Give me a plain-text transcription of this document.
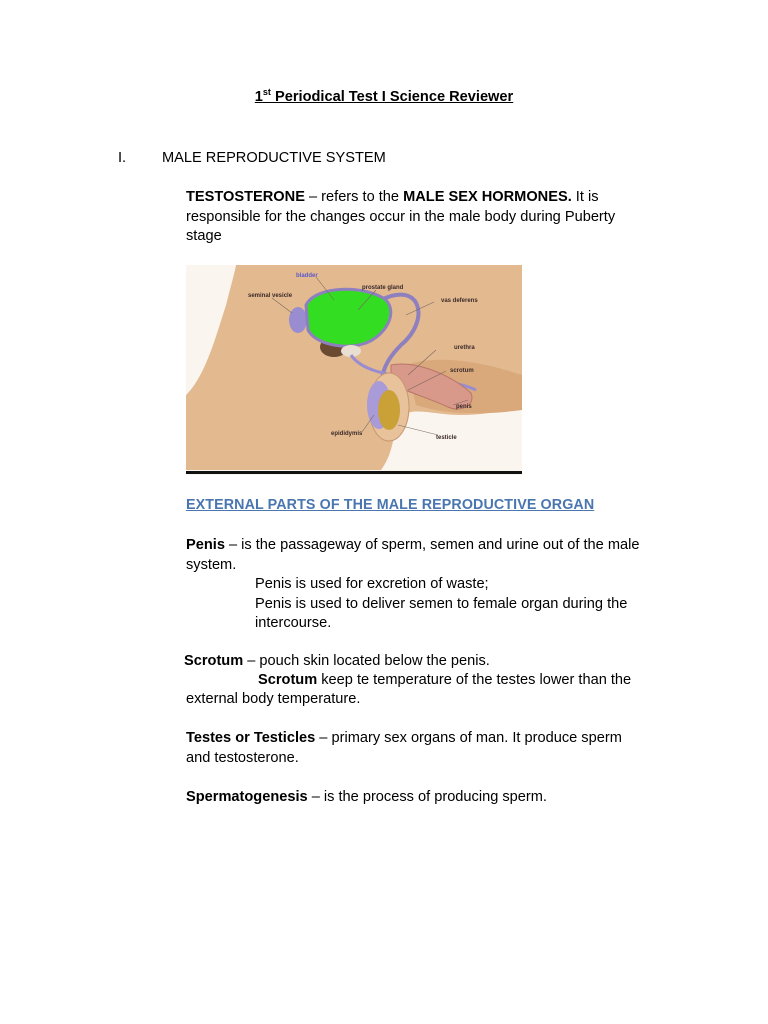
1st Periodical Test I Science Reviewer
I. MALE REPRODUCTIVE SYSTEM
TESTOSTERONE – refers to the MALE SEX HORMONES. It is
responsible for the changes occur in the male body during Puberty
stage
bladder
seminal vesicle
prostate gland
vas deferens
urethra
scrotum
penis
epididymis
testicle
EXTERNAL PARTS OF THE MALE REPRODUCTIVE ORGAN
Penis – is the passageway of sperm, semen and urine out of the male
system.
Penis is used for excretion of waste;
Penis is used to deliver semen to female organ during the
intercourse.
Scrotum – pouch skin located below the penis.
Scrotum keep te temperature of the testes lower than the
external body temperature.
Testes or Testicles – primary sex organs of man. It produce sperm
and testosterone.
Spermatogenesis – is the process of producing sperm.
